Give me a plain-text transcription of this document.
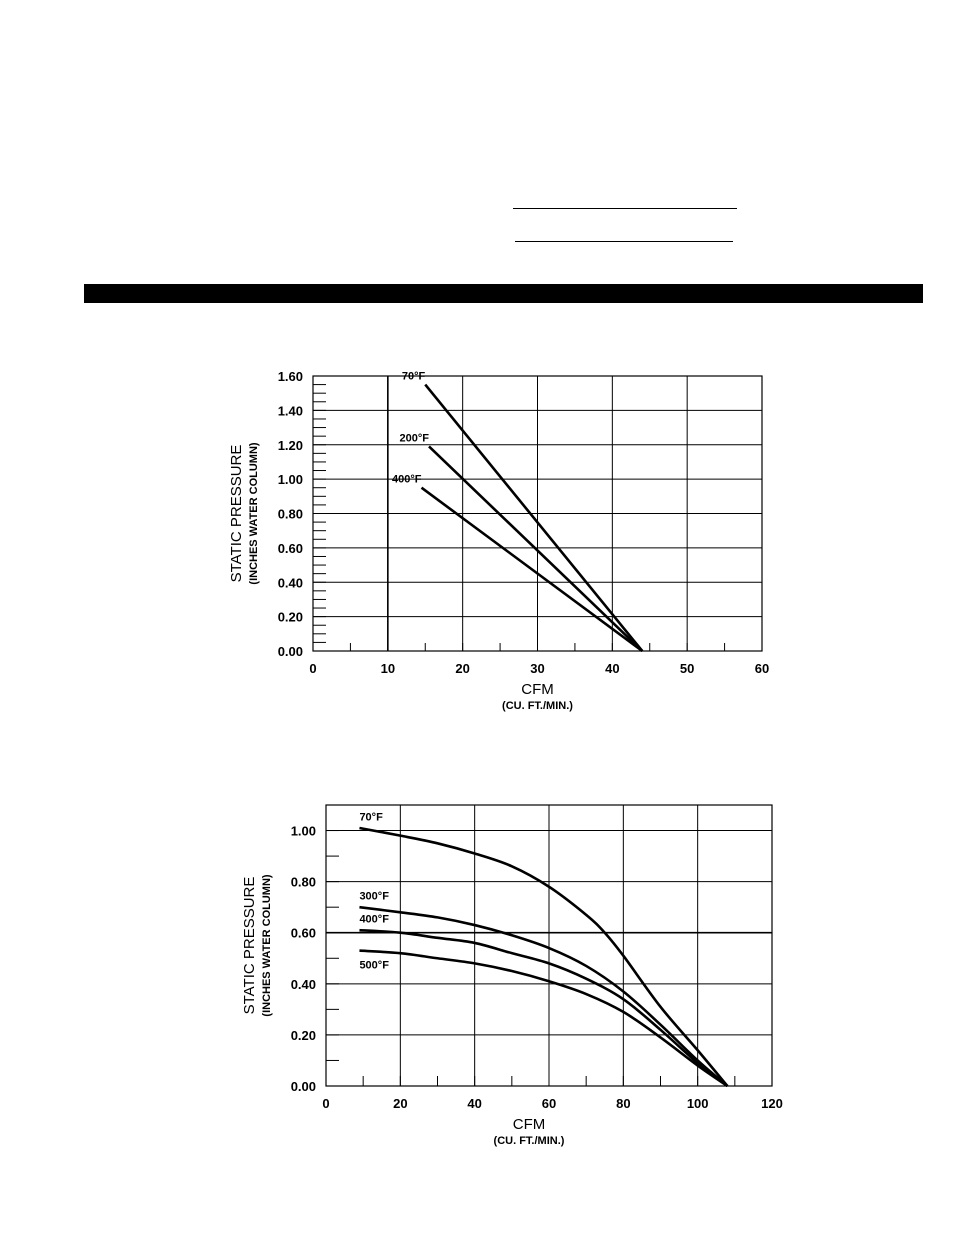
0	10	20	30	40	50	60
0.00
0.20
0.40
0.60
0.80
1.00
1.20
1.40
1.60	70°F
200°F
400°F
STATIC PRESSURE (INCHES WATER COLUMN)
CFM
(CU. FT./MIN.)
0	20	40	60	80	100	120
0.00
0.20
0.40
0.60
0.80
1.00
70°F
300°F
400°F
500°F
STATIC PRESSURE (INCHES WATER COLUMN)
CFM
(CU. FT./MIN.)
